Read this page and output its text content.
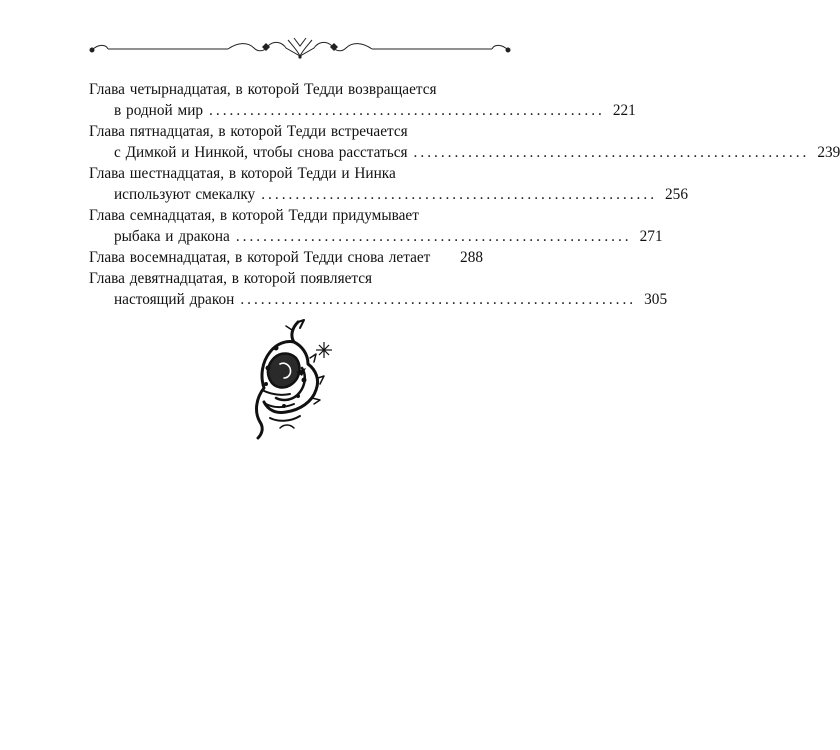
Глава четырнадцатая, в которой Тедди возвращается
в родной мир .......................................................... 221
Глава пятнадцатая, в которой Тедди встречается
с Димкой и Нинкой, чтобы снова расстаться .......................................................... 239
Глава шестнадцатая, в которой Тедди и Нинка
используют смекалку .......................................................... 256
Глава семнадцатая, в которой Тедди придумывает
рыбака и дракона .......................................................... 271
Глава восемнадцатая, в которой Тедди снова летает	288
Глава девятнадцатая, в которой появляется
настоящий дракон .......................................................... 305
